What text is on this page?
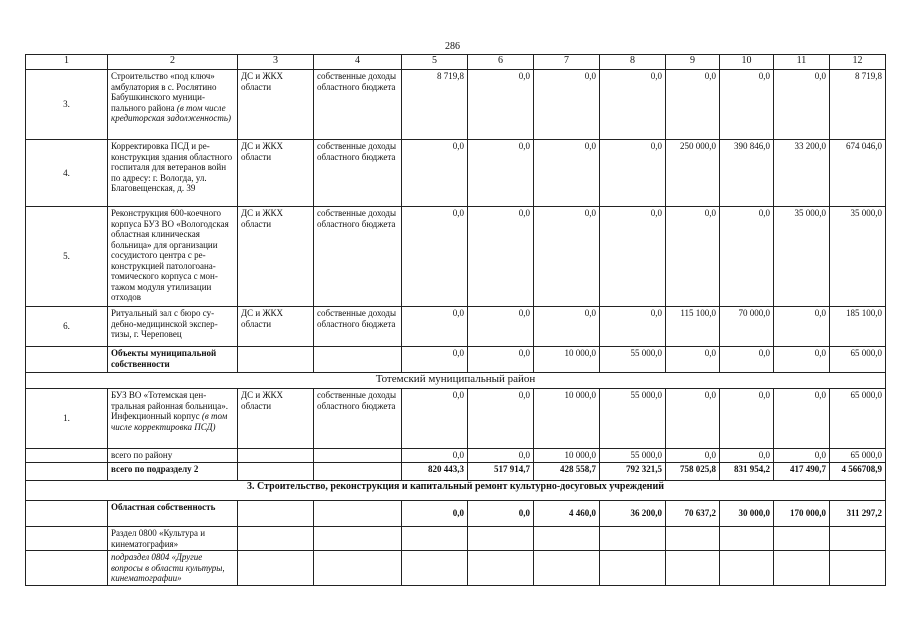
286
1	2	3	4	5	6	7	8	9	10	11	12
3.	Строительство «под ключ» амбулатория в с. Рослятино Бабушкинского муниципального района (в том числе кредиторская задолженность)	ДС и ЖКХ области	собственные доходы областного бюджета	8 719,8	0,0	0,0	0,0	0,0	0,0	0,0	8 719,8
4.	Корректировка ПСД и реконструкция здания областного госпиталя для ветеранов войн по адресу: г. Вологда, ул. Благовещенская, д. 39	ДС и ЖКХ области	собственные доходы областного бюджета	0,0	0,0	0,0	0,0	250 000,0	390 846,0	33 200,0	674 046,0
5.	Реконструкция 600-коечного корпуса БУЗ ВО «Вологодская областная клиническая больница» для организации сосудистого центра с реконструкцией патологоанатомического корпуса с монтажом модуля утилизации отходов	ДС и ЖКХ области	собственные доходы областного бюджета	0,0	0,0	0,0	0,0	0,0	0,0	35 000,0	35 000,0
6.	Ритуальный зал с бюро судебно-медицинской экспертизы, г. Череповец	ДС и ЖКХ области	собственные доходы областного бюджета	0,0	0,0	0,0	0,0	115 100,0	70 000,0	0,0	185 100,0
	Объекты муниципальной собственности			0,0	0,0	10 000,0	55 000,0	0,0	0,0	0,0	65 000,0
Тотемский муниципальный район											
1.	БУЗ ВО «Тотемская центральная районная больница». Инфекционный корпус (в том числе корректировка ПСД)	ДС и ЖКХ области	собственные доходы областного бюджета	0,0	0,0	10 000,0	55 000,0	0,0	0,0	0,0	65 000,0
	всего по району			0,0	0,0	10 000,0	55 000,0	0,0	0,0	0,0	65 000,0
	всего по подразделу 2			820 443,3	517 914,7	428 558,7	792 321,5	758 025,8	831 954,2	417 490,7	4 566708,9
3. Строительство, реконструкция и капитальный ремонт культурно-досуговых учреждений											
	Областная собственность			0,0	0,0	4 460,0	36 200,0	70 637,2	30 000,0	170 000,0	311 297,2
	Раздел 0800 «Культура и кинематография»										
	подраздел 0804 «Другие вопросы в области культуры, кинематографии»										
